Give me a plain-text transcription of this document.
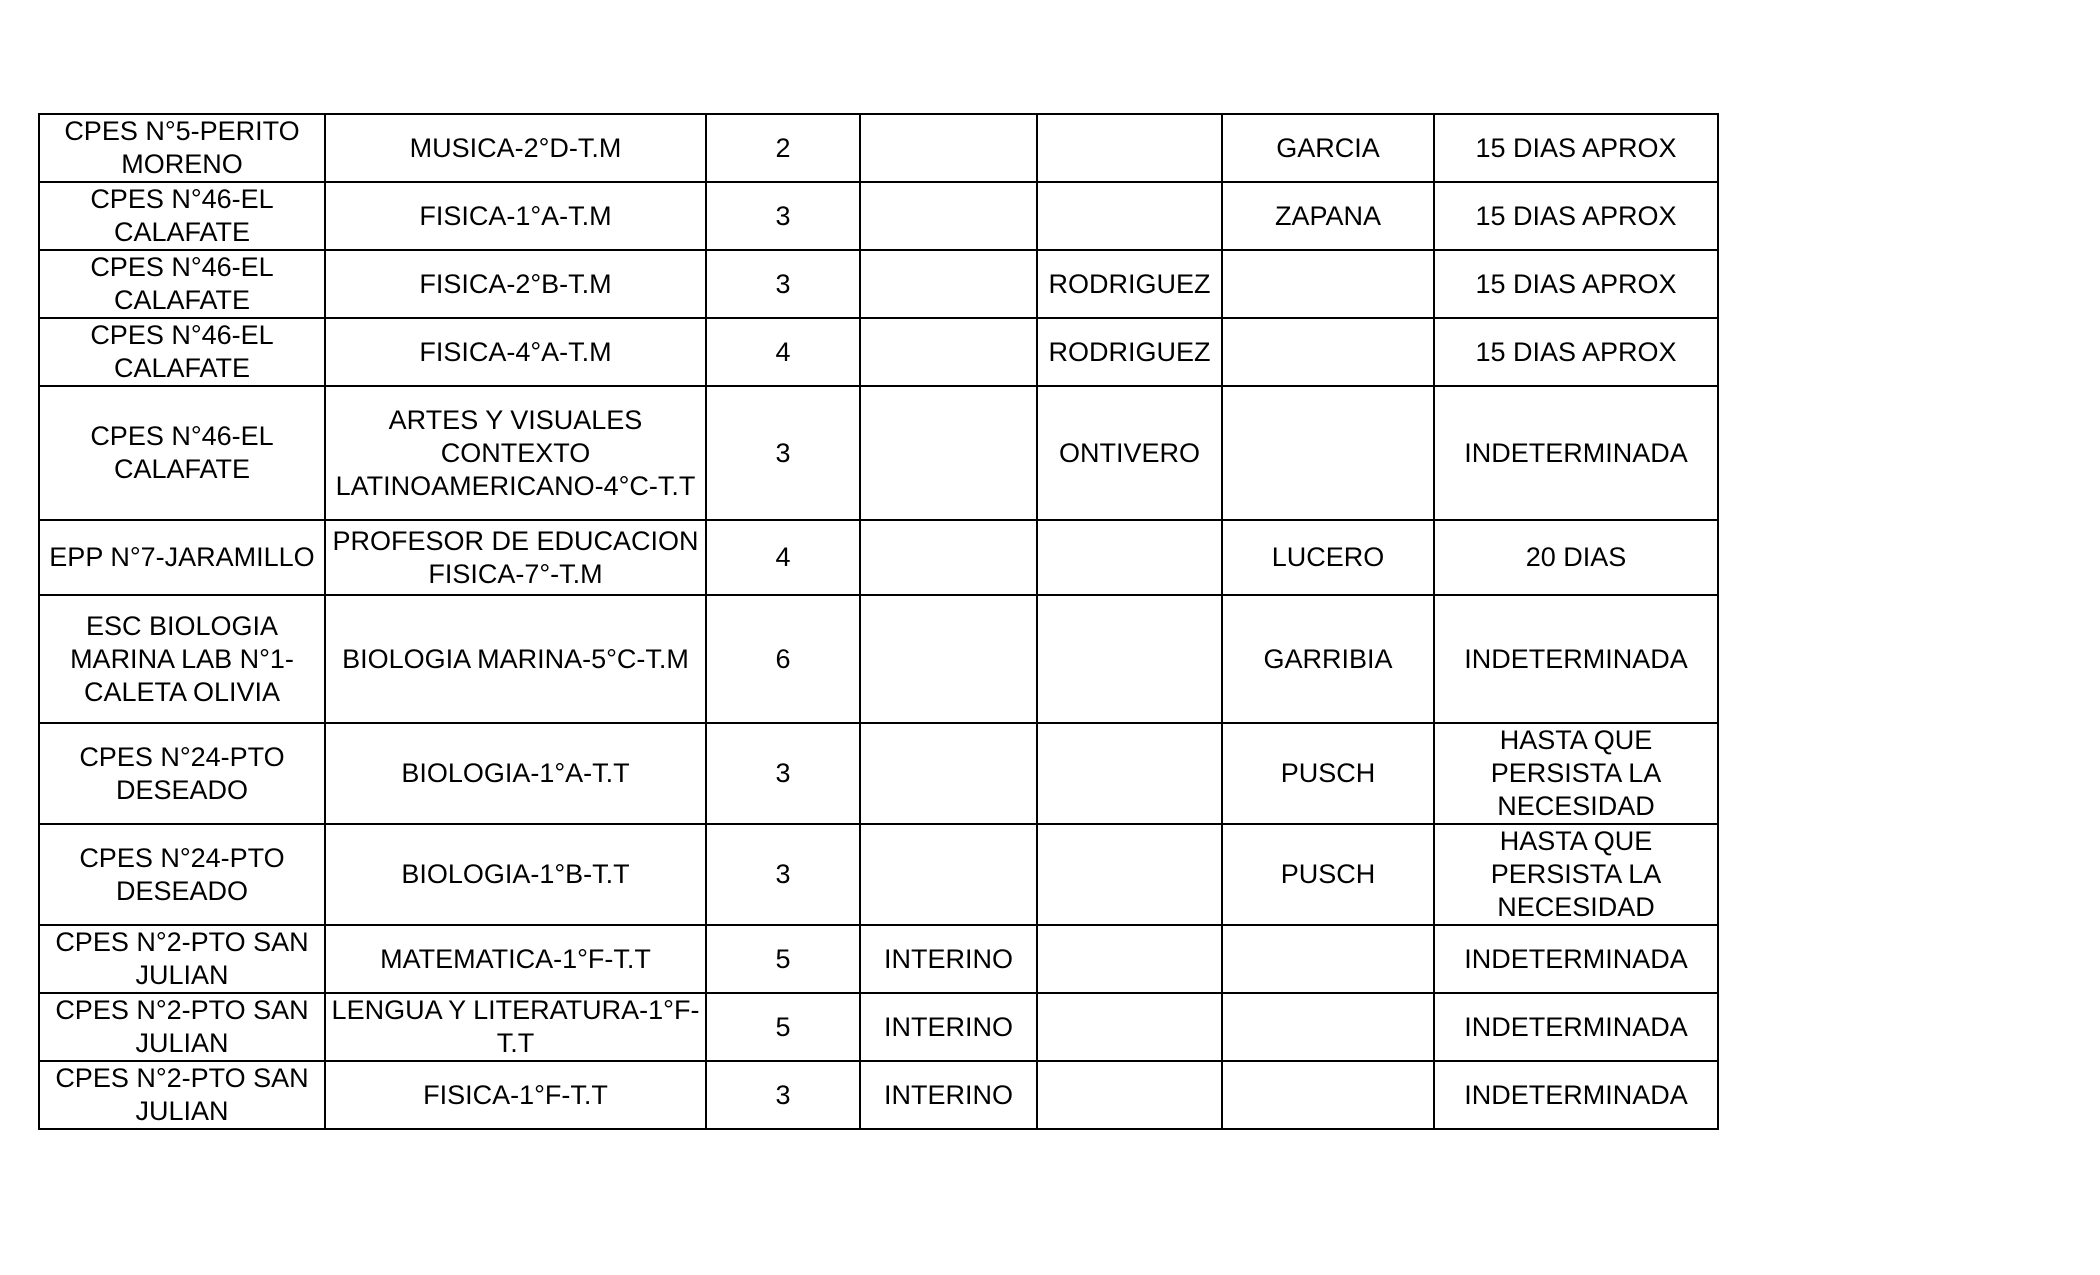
CPES N°5-PERITO MORENO	MUSICA-2°D-T.M	2			GARCIA	15 DIAS APROX
CPES N°46-EL CALAFATE	FISICA-1°A-T.M	3			ZAPANA	15 DIAS APROX
CPES N°46-EL CALAFATE	FISICA-2°B-T.M	3		RODRIGUEZ		15 DIAS APROX
CPES N°46-EL CALAFATE	FISICA-4°A-T.M	4		RODRIGUEZ		15 DIAS APROX
CPES N°46-EL CALAFATE	ARTES Y VISUALES CONTEXTO LATINOAMERICANO-4°C-T.T	3		ONTIVERO		INDETERMINADA
EPP N°7-JARAMILLO	PROFESOR DE EDUCACION FISICA-7°-T.M	4			LUCERO	20 DIAS
ESC BIOLOGIA MARINA LAB N°1-CALETA OLIVIA	BIOLOGIA MARINA-5°C-T.M	6			GARRIBIA	INDETERMINADA
CPES N°24-PTO DESEADO	BIOLOGIA-1°A-T.T	3			PUSCH	HASTA QUE PERSISTA LA NECESIDAD
CPES N°24-PTO DESEADO	BIOLOGIA-1°B-T.T	3			PUSCH	HASTA QUE PERSISTA LA NECESIDAD
CPES N°2-PTO SAN JULIAN	MATEMATICA-1°F-T.T	5	INTERINO			INDETERMINADA
CPES N°2-PTO SAN JULIAN	LENGUA Y LITERATURA-1°F-T.T	5	INTERINO			INDETERMINADA
CPES N°2-PTO SAN JULIAN	FISICA-1°F-T.T	3	INTERINO			INDETERMINADA
